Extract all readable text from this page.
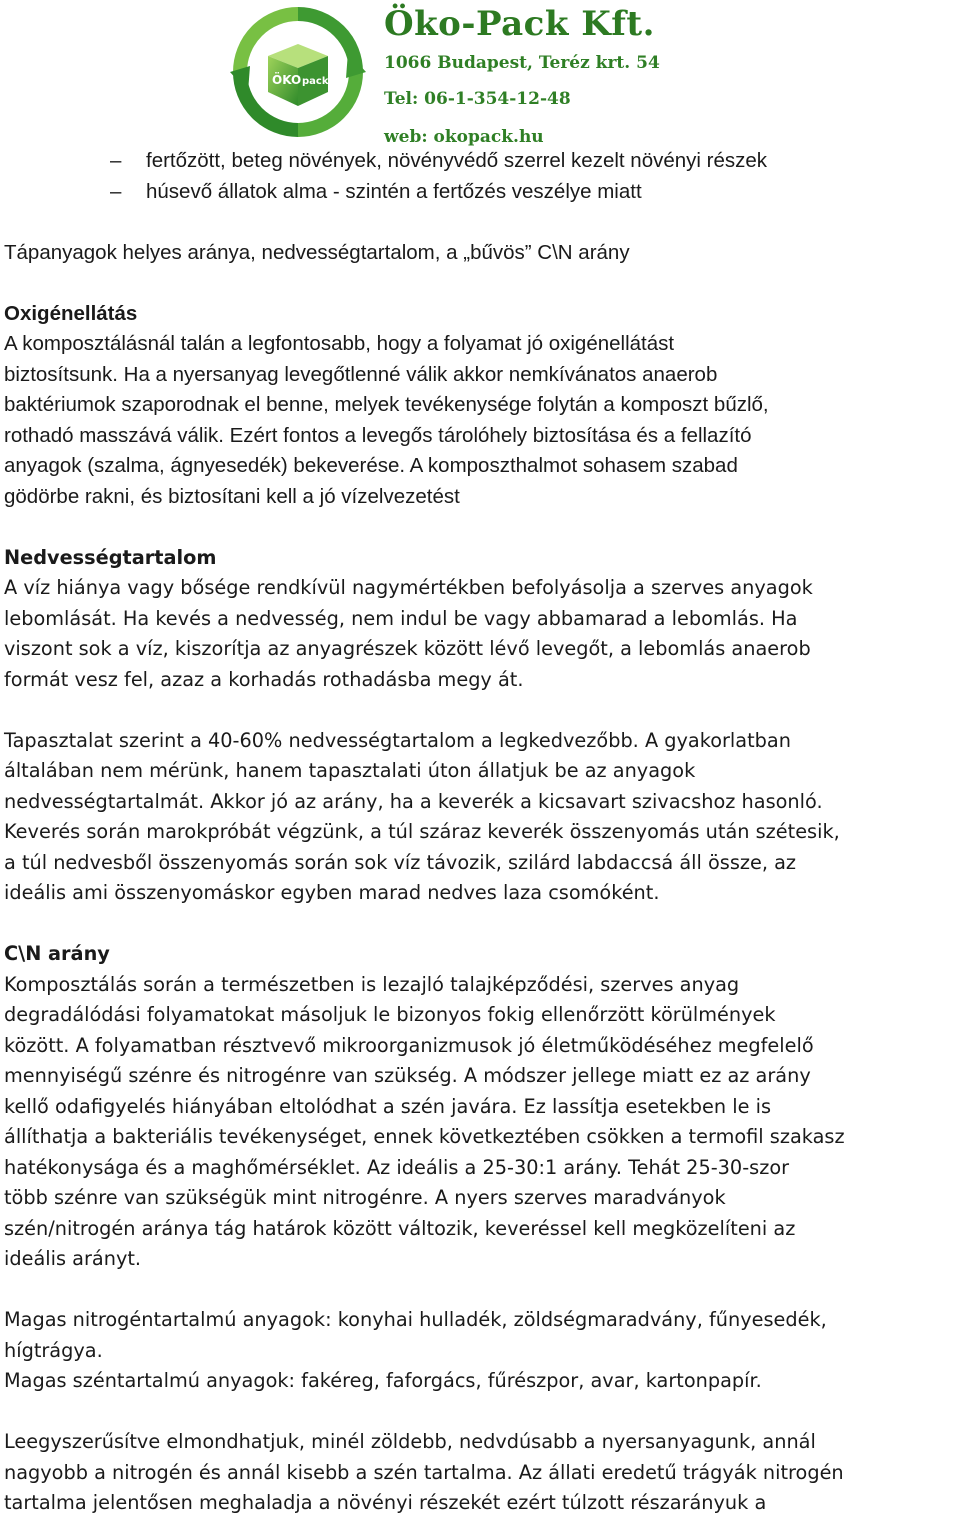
ÖKO pack
Öko-Pack Kft.
1066 Budapest, Teréz krt. 54
Tel: 06-1-354-12-48
web: okopack.hu
– fertőzött, beteg növények, növényvédő szerrel kezelt növényi részek
– húsevő állatok alma - szintén a fertőzés veszélye miatt
Tápanyagok helyes aránya, nedvességtartalom, a „bűvös” C\N arány
Oxigénellátás
A komposztálásnál talán a legfontosabb, hogy a folyamat jó oxigénellátást
biztosítsunk. Ha a nyersanyag levegőtlenné válik akkor nemkívánatos anaerob
baktériumok szaporodnak el benne, melyek tevékenysége folytán a komposzt bűzlő,
rothadó masszává válik. Ezért fontos a levegős tárolóhely biztosítása és a fellazító
anyagok (szalma, ágnyesedék) bekeverése. A komposzthalmot sohasem szabad
gödörbe rakni, és biztosítani kell a jó vízelvezetést
Nedvességtartalom
A víz hiánya vagy bősége rendkívül nagymértékben befolyásolja a szerves anyagok
lebomlását. Ha kevés a nedvesség, nem indul be vagy abbamarad a lebomlás. Ha
viszont sok a víz, kiszorítja az anyagrészek között lévő levegőt, a lebomlás anaerob
formát vesz fel, azaz a korhadás rothadásba megy át.
Tapasztalat szerint a 40-60% nedvességtartalom a legkedvezőbb. A gyakorlatban
általában nem mérünk, hanem tapasztalati úton állatjuk be az anyagok
nedvességtartalmát. Akkor jó az arány, ha a keverék a kicsavart szivacshoz hasonló.
Keverés során marokpróbát végzünk, a túl száraz keverék összenyomás után szétesik,
a túl nedvesből összenyomás során sok víz távozik, szilárd labdaccsá áll össze, az
ideális ami összenyomáskor egyben marad nedves laza csomóként.
C\N arány
Komposztálás során a természetben is lezajló talajképződési, szerves anyag
degradálódási folyamatokat másoljuk le bizonyos fokig ellenőrzött körülmények
között. A folyamatban résztvevő mikroorganizmusok jó életműködéséhez megfelelő
mennyiségű szénre és nitrogénre van szükség. A módszer jellege miatt ez az arány
kellő odafigyelés hiányában eltolódhat a szén javára. Ez lassítja esetekben le is
állíthatja a bakteriális tevékenységet, ennek következtében csökken a termofil szakasz
hatékonysága és a maghőmérséklet. Az ideális a 25-30:1 arány. Tehát 25-30-szor
több szénre van szükségük mint nitrogénre. A nyers szerves maradványok
szén/nitrogén aránya tág határok között változik, keveréssel kell megközelíteni az
ideális arányt.
Magas nitrogéntartalmú anyagok: konyhai hulladék, zöldségmaradvány, fűnyesedék,
hígtrágya.
Magas széntartalmú anyagok: fakéreg, faforgács, fűrészpor, avar, kartonpapír.
Leegyszerűsítve elmondhatjuk, minél zöldebb, nedvdúsabb a nyersanyagunk, annál
nagyobb a nitrogén és annál kisebb a szén tartalma. Az állati eredetű trágyák nitrogén
tartalma jelentősen meghaladja a növényi részekét ezért túlzott részarányuk a
